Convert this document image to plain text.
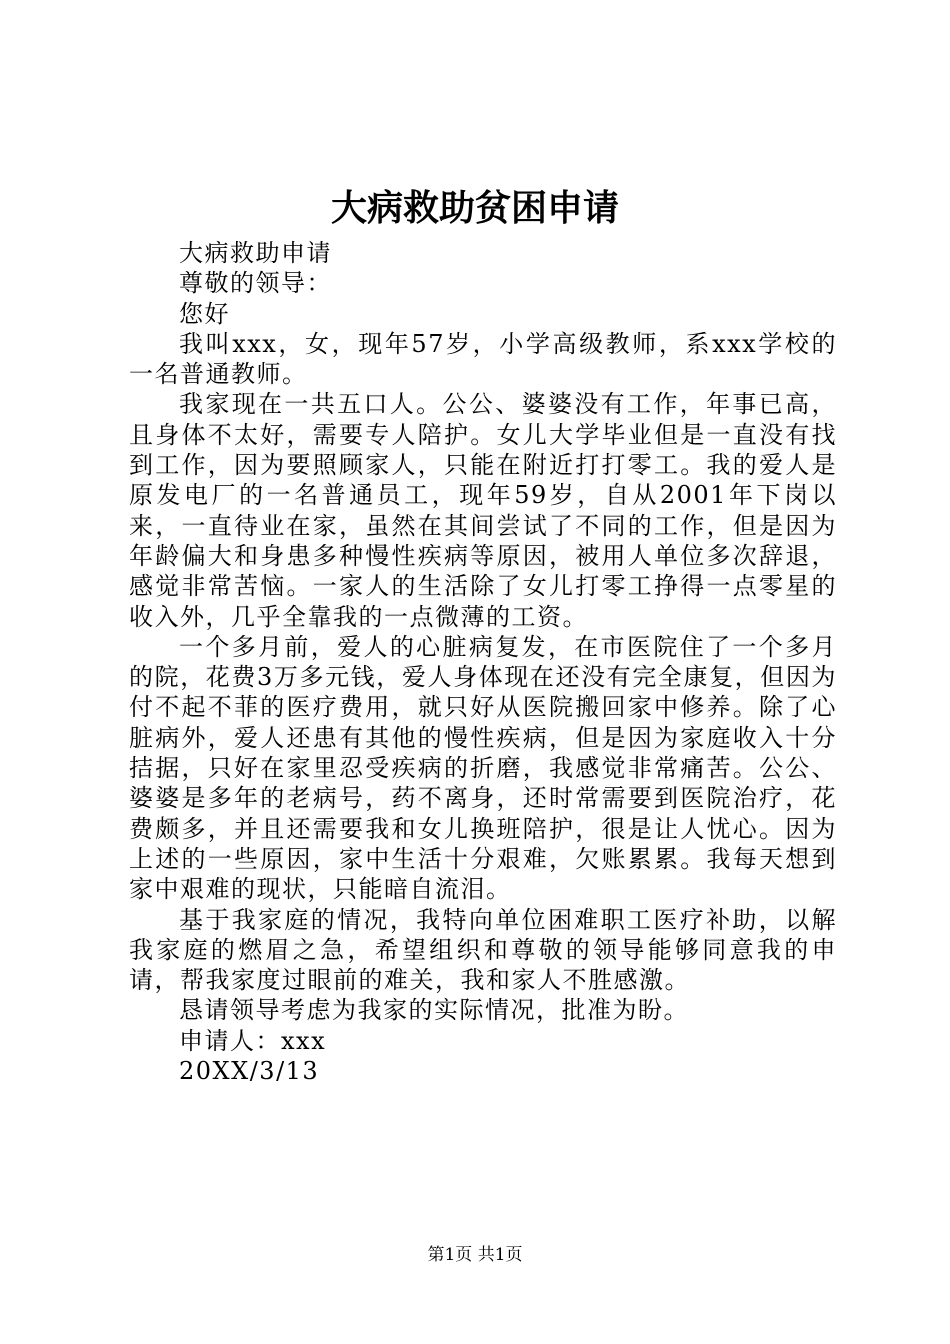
大病救助贫困申请

大病救助申请

尊敬的领导：

您好

我叫xxx，女，现年57岁，小学高级教师，系xxx学校的一名普通教师。

我家现在一共五口人。公公、婆婆没有工作，年事已高，且身体不太好，需要专人陪护。女儿大学毕业但是一直没有找到工作，因为要照顾家人，只能在附近打打零工。我的爱人是原发电厂的一名普通员工，现年59岁，自从2001年下岗以来，一直待业在家，虽然在其间尝试了不同的工作，但是因为年龄偏大和身患多种慢性疾病等原因，被用人单位多次辞退，感觉非常苦恼。一家人的生活除了女儿打零工挣得一点零星的收入外，几乎全靠我的一点微薄的工资。

一个多月前，爱人的心脏病复发，在市医院住了一个多月的院，花费3万多元钱，爱人身体现在还没有完全康复，但因为付不起不菲的医疗费用，就只好从医院搬回家中修养。除了心脏病外，爱人还患有其他的慢性疾病，但是因为家庭收入十分拮据，只好在家里忍受疾病的折磨，我感觉非常痛苦。公公、婆婆是多年的老病号，药不离身，还时常需要到医院治疗，花费颇多，并且还需要我和女儿换班陪护，很是让人忧心。因为上述的一些原因，家中生活十分艰难，欠账累累。我每天想到家中艰难的现状，只能暗自流泪。

基于我家庭的情况，我特向单位困难职工医疗补助，以解我家庭的燃眉之急，希望组织和尊敬的领导能够同意我的申请，帮我家度过眼前的难关，我和家人不胜感激。

恳请领导考虑为我家的实际情况，批准为盼。

申请人：xxx

20XX/3/13

第1页 共1页
